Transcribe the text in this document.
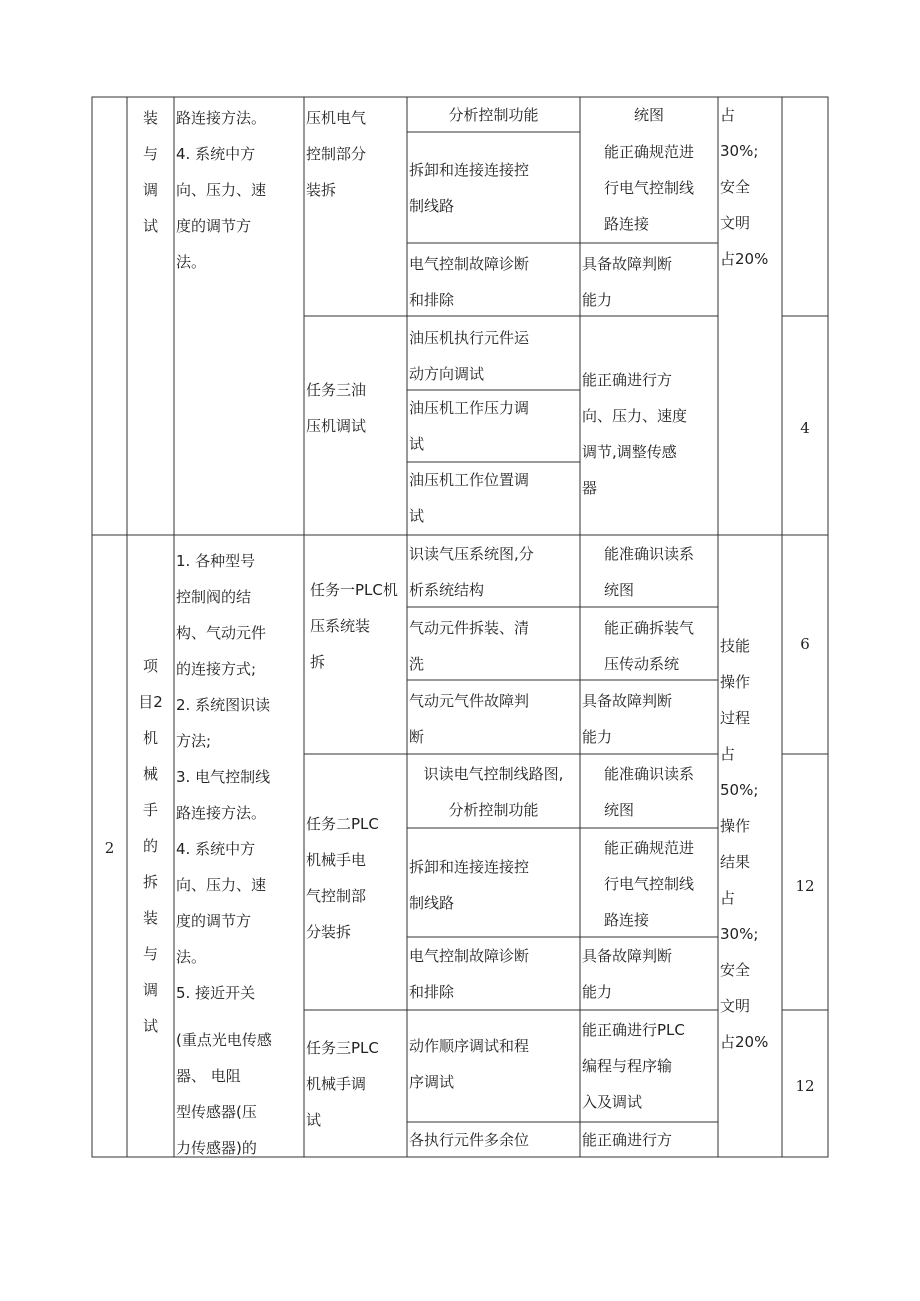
装
与
调
试
路连接方法。
4. 系统中方
向、压力、速
度的调节方
法。
压机电气
控制部分
装拆
任务三油
压机调试
分析控制功能
拆卸和连接连接控
制线路
电气控制故障诊断
和排除
油压机执行元件运
动方向调试
油压机工作压力调
试
油压机工作位置调
试
统图
能正确规范进
行电气控制线
路连接
具备故障判断
能力
能正确进行方
向、压力、速度
调节,调整传感
器
占
30%;
安全
文明
占20%
4
2
项
目2
机
械
手
的
拆
装
与
调
试
1. 各种型号
控制阀的结
构、气动元件
的连接方式;
2. 系统图识读
方法;
3. 电气控制线
路连接方法。
4. 系统中方
向、压力、速
度的调节方
法。
5. 接近开关
(重点光电传感
器、 电阻
型传感器(压
力传感器)的
任务一PLC机
压系统装
拆
任务二PLC
机械手电
气控制部
分装拆
任务三PLC
机械手调
试
识读气压系统图,分
析系统结构
气动元件拆装、清
洗
气动元气件故障判
断
识读电气控制线路图,
分析控制功能
拆卸和连接连接控
制线路
电气控制故障诊断
和排除
动作顺序调试和程
序调试
各执行元件多余位
能准确识读系
统图
能正确拆装气
压传动系统
具备故障判断
能力
能准确识读系
统图
能正确规范进
行电气控制线
路连接
具备故障判断
能力
能正确进行PLC
编程与程序输
入及调试
能正确进行方
技能
操作
过程
占
50%;
操作
结果
占
30%;
安全
文明
占20%
6
12
12
